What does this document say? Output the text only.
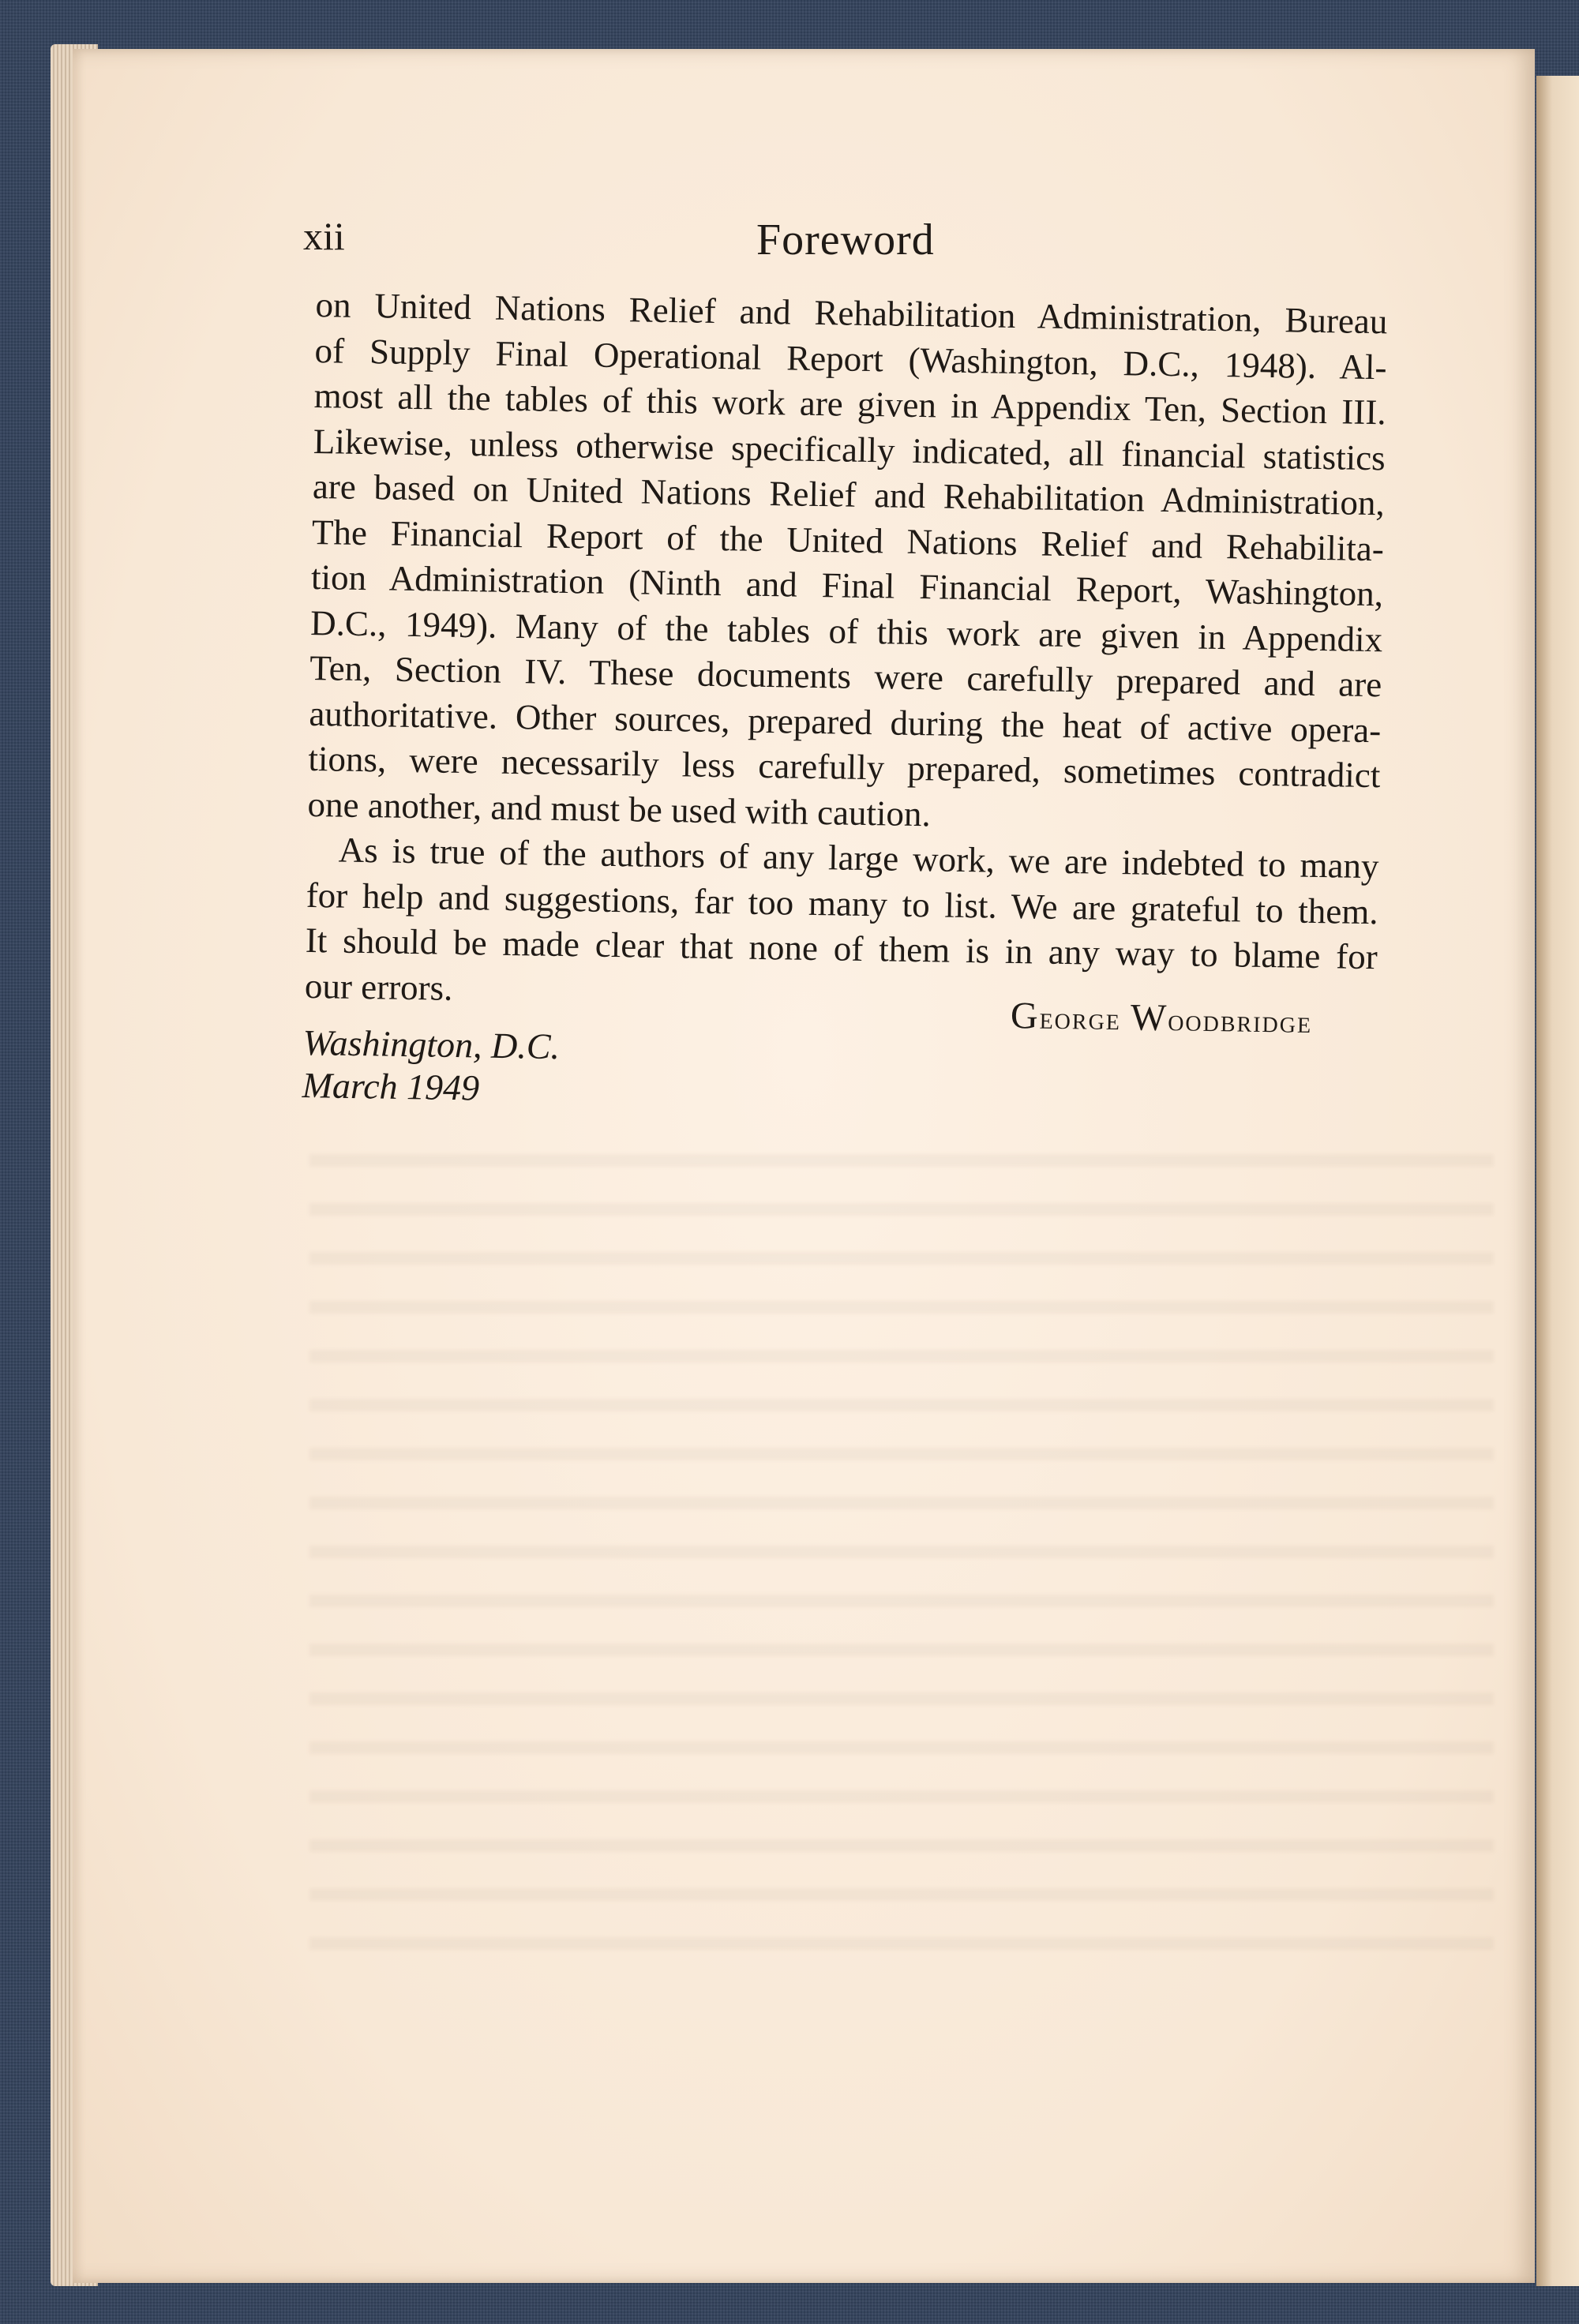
xii	Foreword
on United Nations Relief and Rehabilitation Administration, Bureau
of Supply Final Operational Report (Washington, D.C., 1948). Al-
most all the tables of this work are given in Appendix Ten, Section III.
Likewise, unless otherwise specifically indicated, all financial statistics
are based on United Nations Relief and Rehabilitation Administration,
The Financial Report of the United Nations Relief and Rehabilita-
tion Administration (Ninth and Final Financial Report, Washington,
D.C., 1949). Many of the tables of this work are given in Appendix
Ten, Section IV. These documents were carefully prepared and are
authoritative. Other sources, prepared during the heat of active opera-
tions, were necessarily less carefully prepared, sometimes contradict
one another, and must be used with caution.
As is true of the authors of any large work, we are indebted to many
for help and suggestions, far too many to list. We are grateful to them.
It should be made clear that none of them is in any way to blame for
our errors.
George Woodbridge
Washington, D.C.
March 1949
